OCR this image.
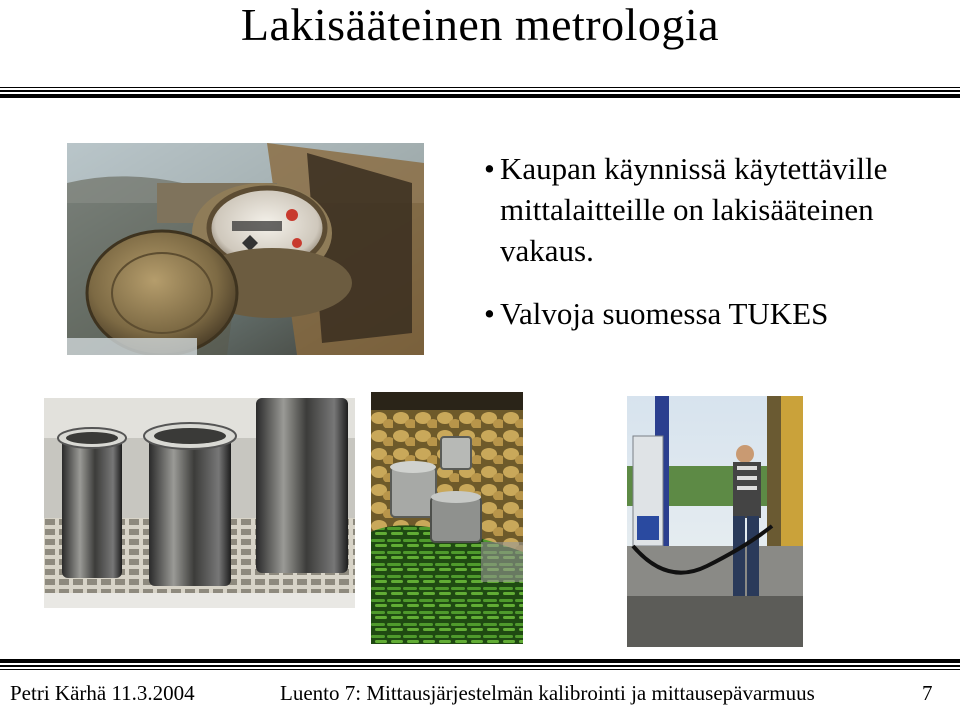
Lakisääteinen metrologia
• Kaupan käynnissä käytettäville mittalaitteille on lakisääteinen vakaus.
• Valvoja suomessa TUKES
Petri Kärhä 11.3.2004	Luento 7: Mittausjärjestelmän kalibrointi ja mittausepävarmuus	7
